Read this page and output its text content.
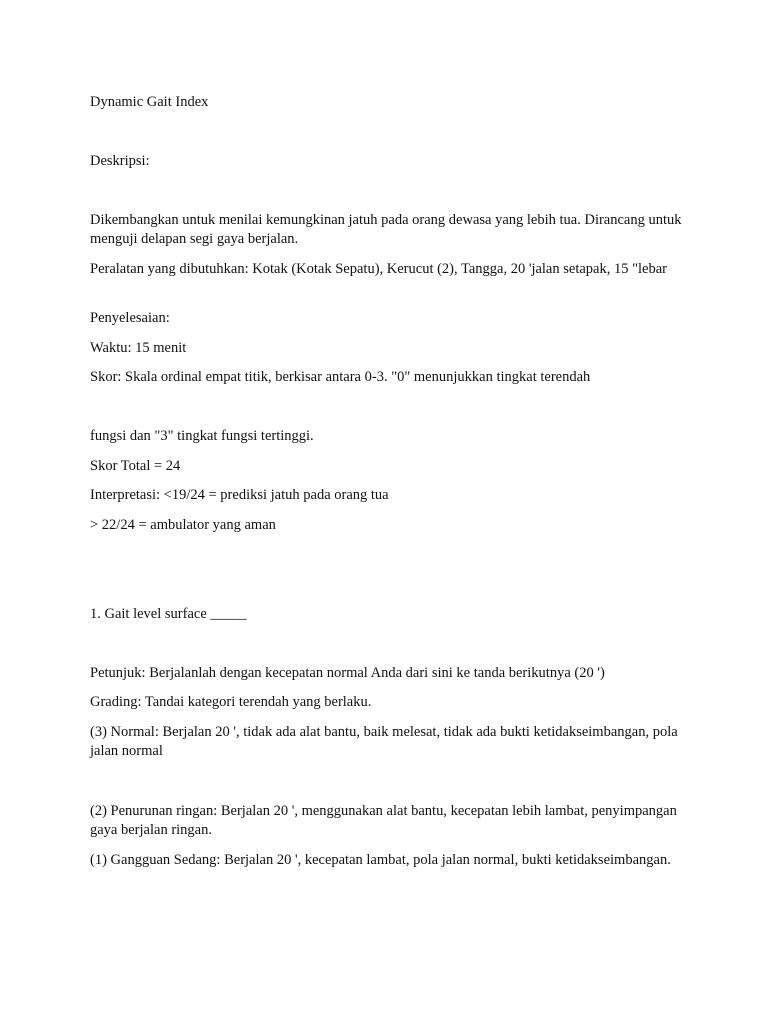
Dynamic Gait Index

Deskripsi:

Dikembangkan untuk menilai kemungkinan jatuh pada orang dewasa yang lebih tua. Dirancang untuk menguji delapan segi gaya berjalan.

Peralatan yang dibutuhkan: Kotak (Kotak Sepatu), Kerucut (2), Tangga, 20 'jalan setapak, 15 "lebar

Penyelesaian:

Waktu: 15 menit

Skor: Skala ordinal empat titik, berkisar antara 0-3. "0" menunjukkan tingkat terendah

fungsi dan "3" tingkat fungsi tertinggi.

Skor Total = 24

Interpretasi: <19/24 = prediksi jatuh pada orang tua

> 22/24 = ambulator yang aman

1. Gait level surface _____

Petunjuk: Berjalanlah dengan kecepatan normal Anda dari sini ke tanda berikutnya (20 ')

Grading: Tandai kategori terendah yang berlaku.

(3) Normal: Berjalan 20 ', tidak ada alat bantu, baik melesat, tidak ada bukti ketidakseimbangan, pola jalan normal

(2) Penurunan ringan: Berjalan 20 ', menggunakan alat bantu, kecepatan lebih lambat, penyimpangan gaya berjalan ringan.

(1) Gangguan Sedang: Berjalan 20 ', kecepatan lambat, pola jalan normal, bukti ketidakseimbangan.
